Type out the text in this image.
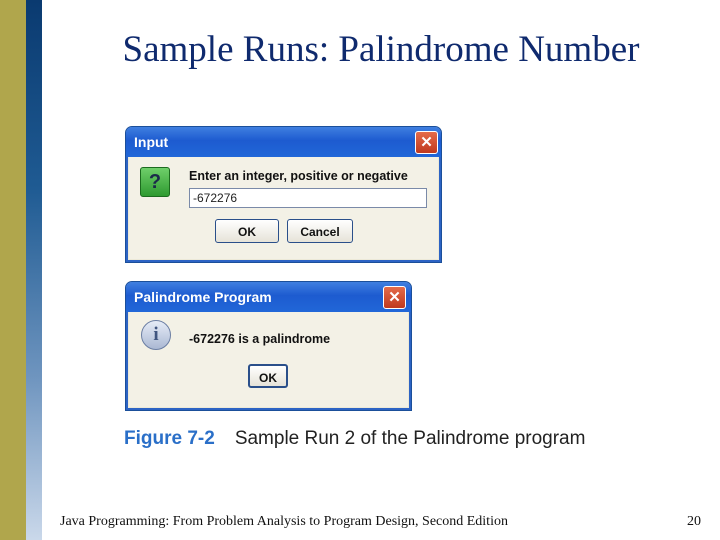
Sample Runs: Palindrome Number
Input	✕
?	Enter an integer, positive or negative
-672276
OK	Cancel
Palindrome Program	✕
i	-672276 is a palindrome
OK
Figure 7-2 Sample Run 2 of the Palindrome program
Java Programming: From Problem Analysis to Program Design, Second Edition	20
